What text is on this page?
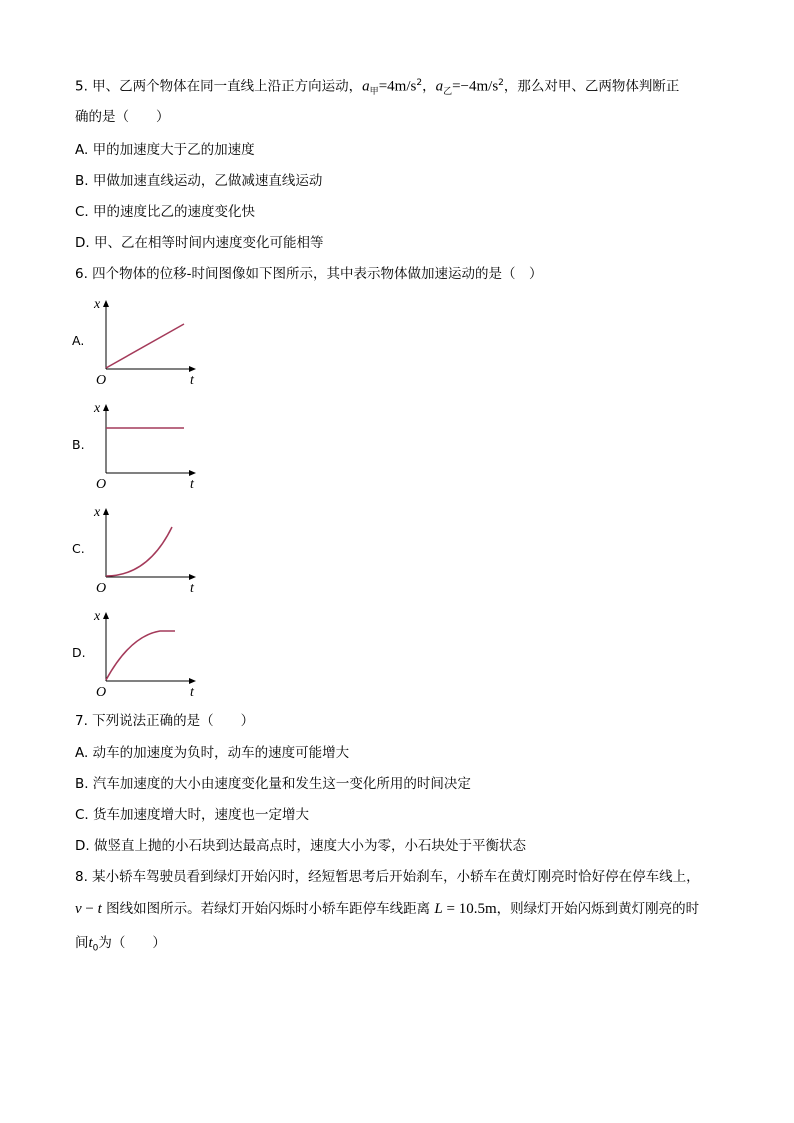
5. 甲、乙两个物体在同一直线上沿正方向运动，$a_甲=4m/s^2$，$a_乙=-4m/s^2$，那么对甲、乙两物体判断正
确的是（　　）
A. 甲的加速度大于乙的加速度
B. 甲做加速直线运动，乙做减速直线运动
C. 甲的速度比乙的速度变化快
D. 甲、乙在相等时间内速度变化可能相等
6. 四个物体的位移-时间图像如下图所示，其中表示物体做加速运动的是（　）
A.
x
t
O
B.
x
t
O
C.
x
t
O
D.
x
t
O
7. 下列说法正确的是（　　）
A. 动车的加速度为负时，动车的速度可能增大
B. 汽车加速度的大小由速度变化量和发生这一变化所用的时间决定
C. 货车加速度增大时，速度也一定增大
D. 做竖直上抛的小石块到达最高点时，速度大小为零，小石块处于平衡状态
8. 某小轿车驾驶员看到绿灯开始闪时，经短暂思考后开始刹车，小轿车在黄灯刚亮时恰好停在停车线上，
v − t 图线如图所示。若绿灯开始闪烁时小轿车距停车线距离 L = 10.5m，则绿灯开始闪烁到黄灯刚亮的时
间$t_0$为（　　）
